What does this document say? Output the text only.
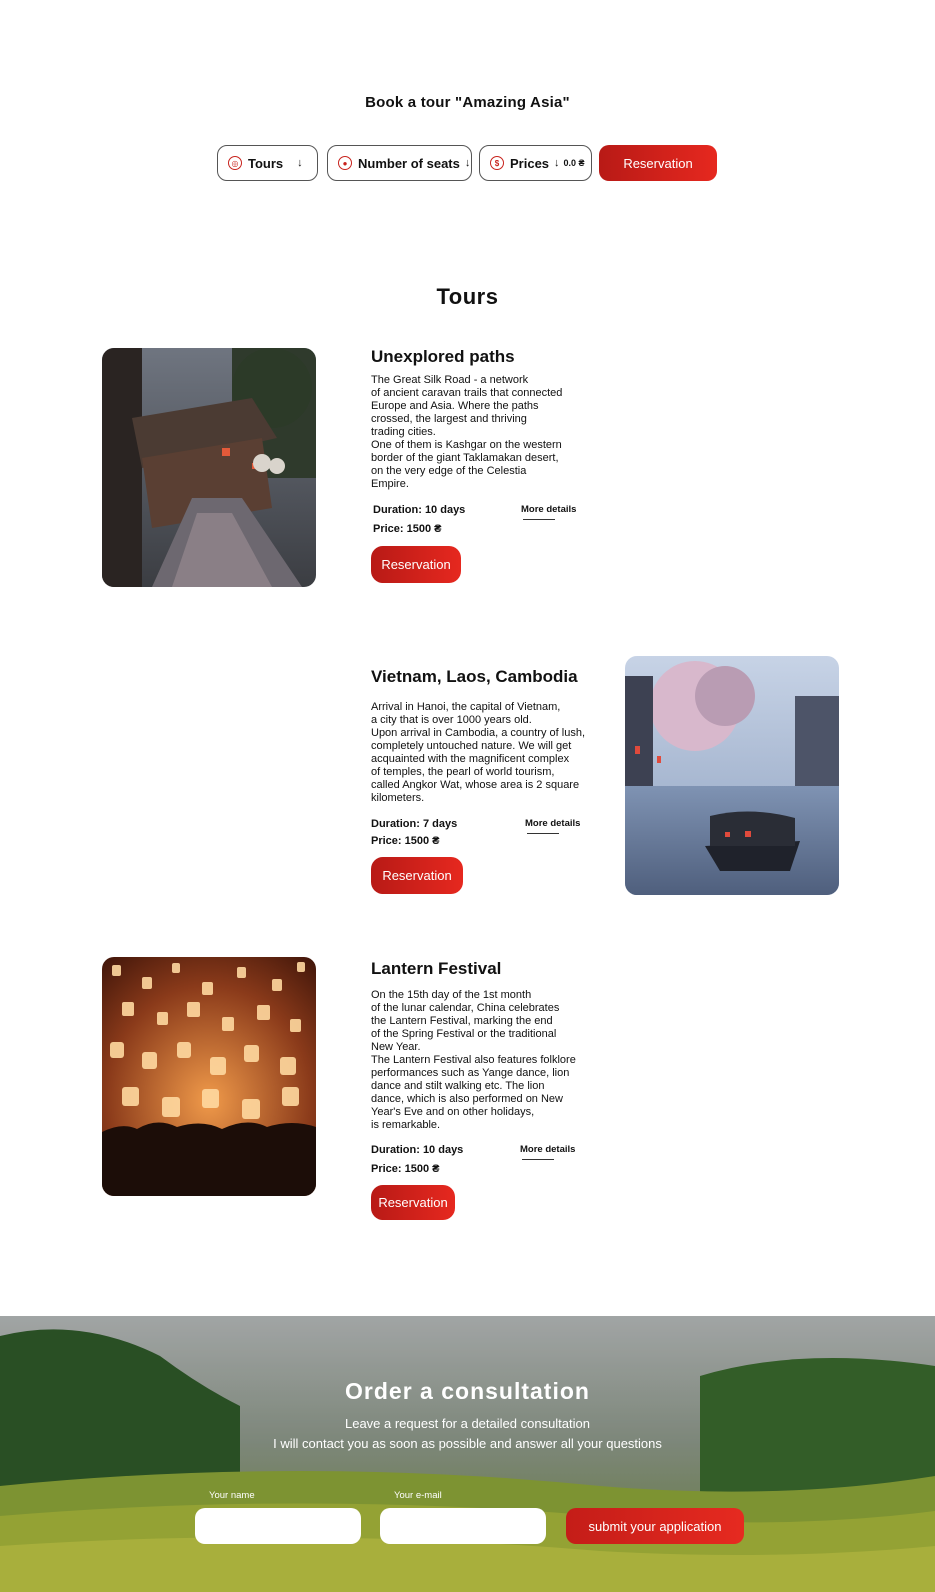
Book a tour "Amazing Asia"
◎ Tours ↓	● Number of seats ↓	$ Prices ↓ 0.0 ₴	Reservation
Tours
Unexplored paths
The Great Silk Road - a network
of ancient caravan trails that connected
Europe and Asia. Where the paths
crossed, the largest and thriving
trading cities.
One of them is Kashgar on the western
border of the giant Taklamakan desert,
on the very edge of the Celestia
Empire.
Duration: 10 days
Price: 1500 ₴
More details
Reservation
Vietnam, Laos, Cambodia
Arrival in Hanoi, the capital of Vietnam,
a city that is over 1000 years old.
Upon arrival in Cambodia, a country of lush,
completely untouched nature. We will get
acquainted with the magnificent complex
of temples, the pearl of world tourism,
called Angkor Wat, whose area is 2 square
kilometers.
Duration: 7 days
Price: 1500 ₴
More details
Reservation
Lantern Festival
On the 15th day of the 1st month
of the lunar calendar, China celebrates
the Lantern Festival, marking the end
of the Spring Festival or the traditional
New Year.
The Lantern Festival also features folklore
performances such as Yange dance, lion
dance and stilt walking etc. The lion
dance, which is also performed on New
Year's Eve and on other holidays,
is remarkable.
Duration: 10 days
Price: 1500 ₴
More details
Reservation
Order a consultation
Leave a request for a detailed consultation
I will contact you as soon as possible and answer all your questions
Your name	Your e-mail
submit your application
